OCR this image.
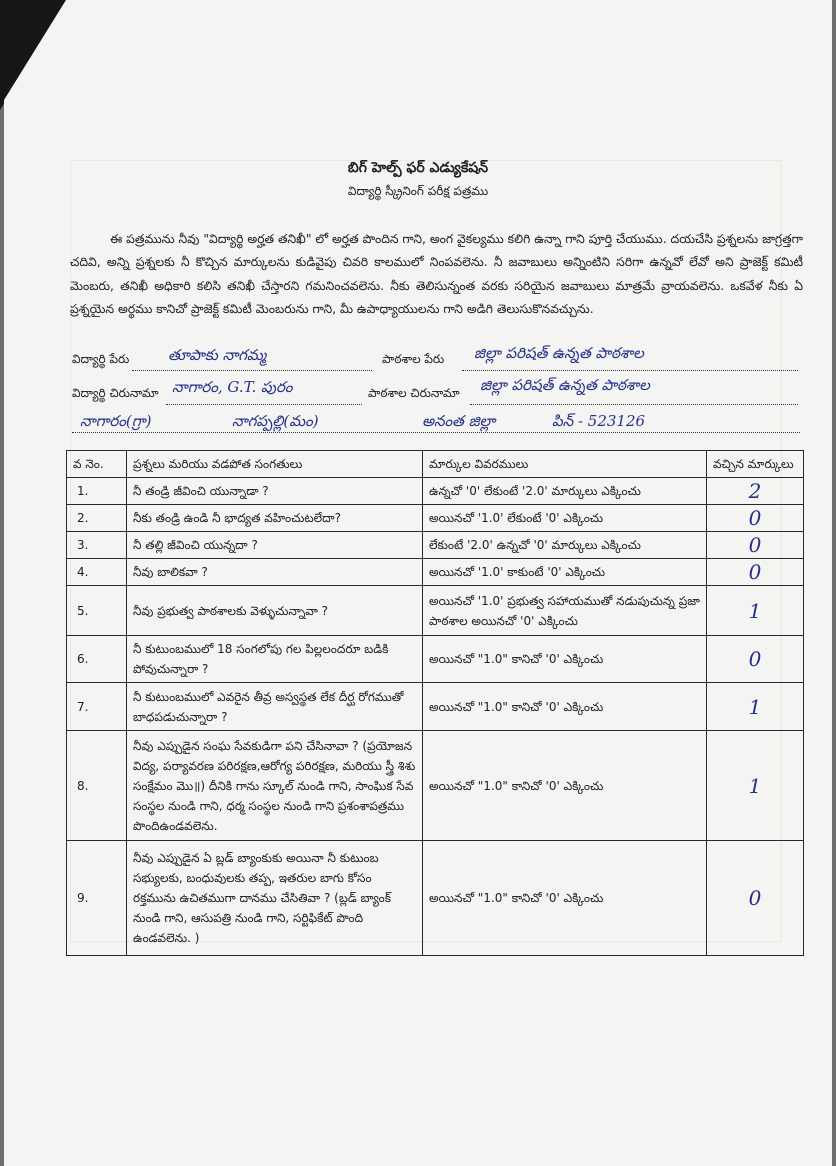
బిగ్ హెల్ప్ ఫర్ ఎడ్యుకేషన్
విద్యార్థి స్క్రీనింగ్ పరీక్ష పత్రము
ఈ పత్రమును నీవు "విద్యార్థి అర్హత తనిఖీ" లో అర్హత పొందిన గాని, అంగ వైకల్యము కలిగి ఉన్నా గాని పూర్తి చేయుము. దయచేసి ప్రశ్నలను జాగ్రత్తగా చదివి, అన్ని ప్రశ్నలకు నీ కొచ్చిన మార్కులను కుడివైపు చివరి కాలములో నింపవలెను. నీ జవాబులు అన్నింటిని సరిగా ఉన్నవో లేవో అని ప్రాజెక్ట్ కమిటీ మెంబరు, తనిఖీ అధికారి కలిసి తనిఖీ చేస్తారని గమనించవలెను. నీకు తెలిసున్నంత వరకు సరియైన జవాబులు మాత్రమే వ్రాయవలెను. ఒకవేళ నీకు ఏ ప్రశ్నయైన అర్థము కానిచో ప్రాజెక్ట్ కమిటీ మెంబరును గాని, మీ ఉపాధ్యాయులను గాని అడిగి తెలుసుకొనవచ్చును.
విద్యార్థి పేరు	తూపాకు నాగమ్మ	పాఠశాల పేరు జిల్లా పరిషత్ ఉన్నత పాఠశాల
విద్యార్థి చిరునామా నాగారం, G.T. పురం	పాఠశాల చిరునామా జిల్లా పరిషత్ ఉన్నత పాఠశాల
నాగారం(గ్రా)	నాగప్పల్లి(మం)	అనంత జిల్లా	పిన్ - 523126
వ నెం.	ప్రశ్నలు మరియు వడపోత సంగతులు	మార్కుల వివరములు	వచ్చిన మార్కులు
1.	నీ తండ్రి జీవించి యున్నాడా ?	ఉన్నచో '0' లేకుంటే '2.0' మార్కులు ఎక్కించు	2
2.	నీకు తండ్రి ఉండి నీ భాద్యత వహించుటలేదా?	అయినచో '1.0' లేకుంటే '0' ఎక్కించు	0
3.	నీ తల్లి జీవించి యున్నదా ?	లేకుంటే '2.0' ఉన్నచో '0' మార్కులు ఎక్కించు	0
4.	నీవు బాలికవా ?	అయినచో '1.0' కాకుంటే '0' ఎక్కించు	0
5.	నీవు ప్రభుత్వ పాఠశాలకు వెళ్ళుచున్నావా ?	అయినచో '1.0' ప్రభుత్వ సహాయముతో నడుపుచున్న ప్రజా పాఠశాల అయినచో '0' ఎక్కించు	1
6.	నీ కుటుంబములో 18 సంగలోపు గల పిల్లలందరూ బడికి పోవుచున్నారా ?	అయినచో "1.0" కానిచో '0' ఎక్కించు	0
7.	నీ కుటుంబములో ఎవరైన తీవ్ర అస్వస్థత లేక దీర్ఘ రోగముతో బాధపడుచున్నారా ?	అయినచో "1.0" కానిచో '0' ఎక్కించు	1
8.	నీవు ఎప్పుడైన సంఘ సేవకుడిగా పని చేసినావా ? (ప్రయోజన విద్య, పర్యావరణ పరిరక్షణ,ఆరోగ్య పరిరక్షణ, మరియు స్త్రీ శిశు సంక్షేమం మొ॥) దీనికి గాను స్కూల్ నుండి గాని, సాంఘిక సేవ సంస్థల నుండి గాని, ధర్మ సంస్థల నుండి గాని ప్రశంశాపత్రము పొందిఉండవలెను.	అయినచో "1.0" కానిచో '0' ఎక్కించు	1
9.	నీవు ఎప్పుడైన ఏ బ్లడ్ బ్యాంకుకు అయినా నీ కుటుంబ సభ్యులకు, బంధువులకు తప్ప, ఇతరుల బాగు కోసం రక్తమును ఉచితముగా దానము చేసితివా ? (బ్లడ్ బ్యాంక్ నుండి గాని, ఆసుపత్రి నుండి గాని, సర్టిఫికేట్ పొంది ఉండవలెను. )	అయినచో "1.0" కానిచో '0' ఎక్కించు	0
